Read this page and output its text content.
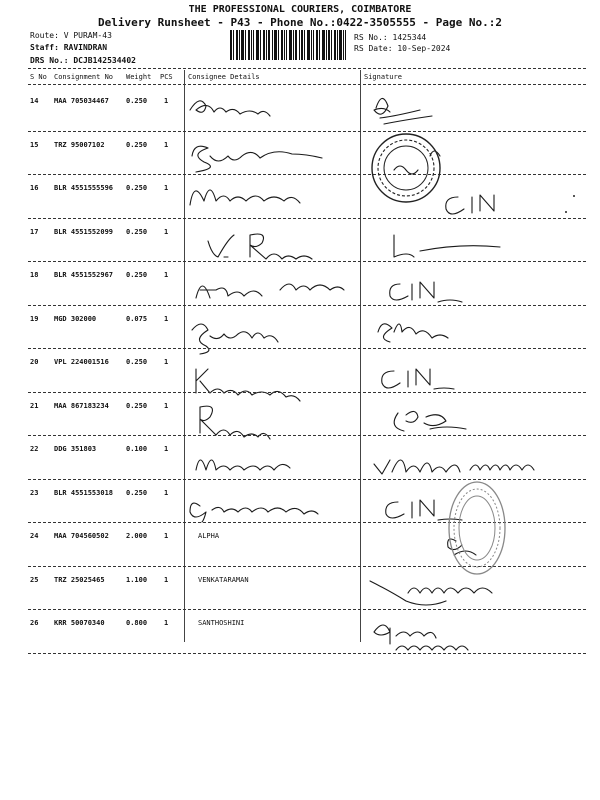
THE PROFESSIONAL COURIERS, COIMBATORE
Delivery Runsheet - P43 - Phone No.:0422-3505555 - Page No.:2
Route: V PURAM-43
Staff: RAVINDRAN
DRS No.: DCJB142534402
RS No.: 1425344
RS Date: 10-Sep-2024
S No Consignment No Weight PCS Consignee Details	Signature
14 MAA 705034467 0.250 1
15 TRZ 95007102	0.250 1
16 BLR 4551555596 0.250 1
17 BLR 4551552099 0.250 1
18 BLR 4551552967 0.250 1
19 MGD 302000	0.075 1
20 VPL 224001516 0.250 1
21 MAA 867183234 0.250 1
22 DDG 351803	0.100 1
23 BLR 4551553018 0.250 1
24 MAA 704560502 2.000 1	ALPHA
25 TRZ 25025465	1.100 1	VENKATARAMAN
26 KRR 50070340	0.800 1	SANTHOSHINI
